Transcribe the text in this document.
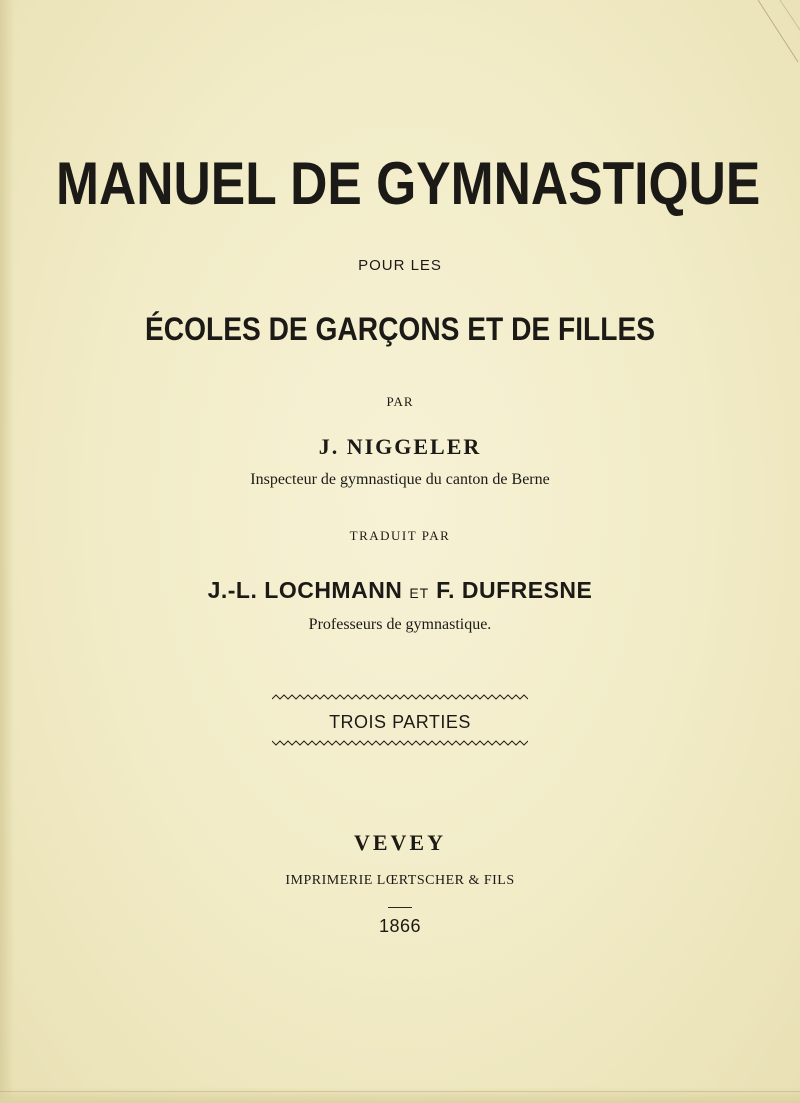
MANUEL DE GYMNASTIQUE
POUR LES
ÉCOLES DE GARÇONS ET DE FILLES
PAR
J. NIGGELER
Inspecteur de gymnastique du canton de Berne
TRADUIT PAR
J.-L. LOCHMANN ET F. DUFRESNE
Professeurs de gymnastique.
TROIS PARTIES
VEVEY
IMPRIMERIE LŒRTSCHER & FILS
1866
